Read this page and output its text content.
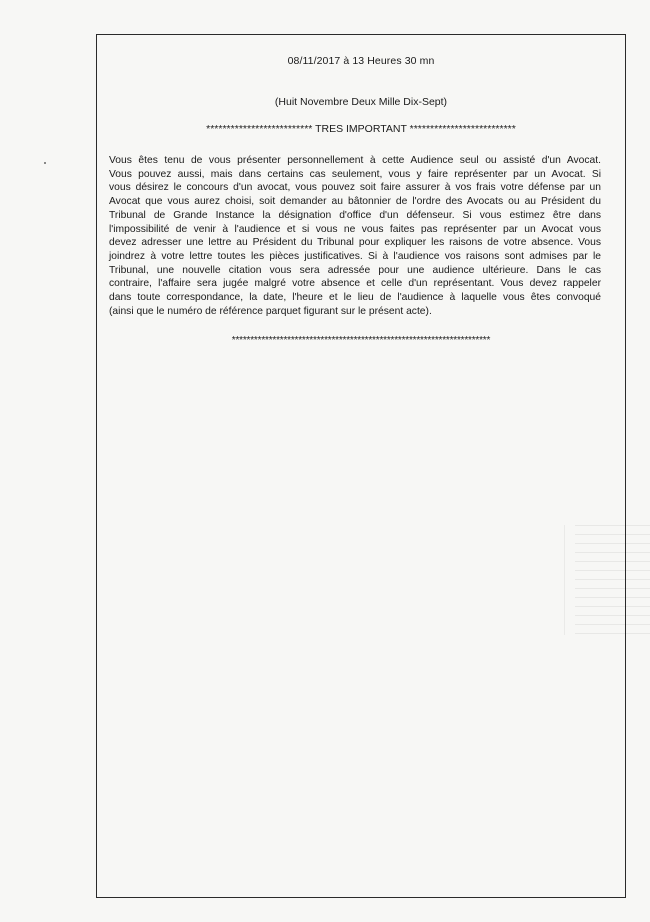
08/11/2017 à 13 Heures 30 mn
(Huit Novembre Deux Mille Dix-Sept)
************************** TRES IMPORTANT **************************
Vous êtes tenu de vous présenter personnellement à cette Audience seul ou assisté d'un Avocat.
Vous pouvez aussi, mais dans certains cas seulement, vous y faire représenter par un Avocat. Si
vous désirez le concours d'un avocat, vous pouvez soit faire assurer à vos frais votre défense par un
Avocat que vous aurez choisi, soit demander au bâtonnier de l'ordre des Avocats ou au Président du
Tribunal de Grande Instance la désignation d'office d'un défenseur. Si vous estimez être dans
l'impossibilité de venir à l'audience et si vous ne vous faites pas représenter par un Avocat vous
devez adresser une lettre au Président du Tribunal pour expliquer les raisons de votre absence. Vous
joindrez à votre lettre toutes les pièces justificatives. Si à l'audience vos raisons sont admises par le
Tribunal, une nouvelle citation vous sera adressée pour une audience ultérieure. Dans le cas
contraire, l'affaire sera jugée malgré votre absence et celle d'un représentant. Vous devez rappeler
dans toute correspondance, la date, l'heure et le lieu de l'audience à laquelle vous êtes convoqué
(ainsi que le numéro de référence parquet figurant sur le présent acte).
**********************************************************************
